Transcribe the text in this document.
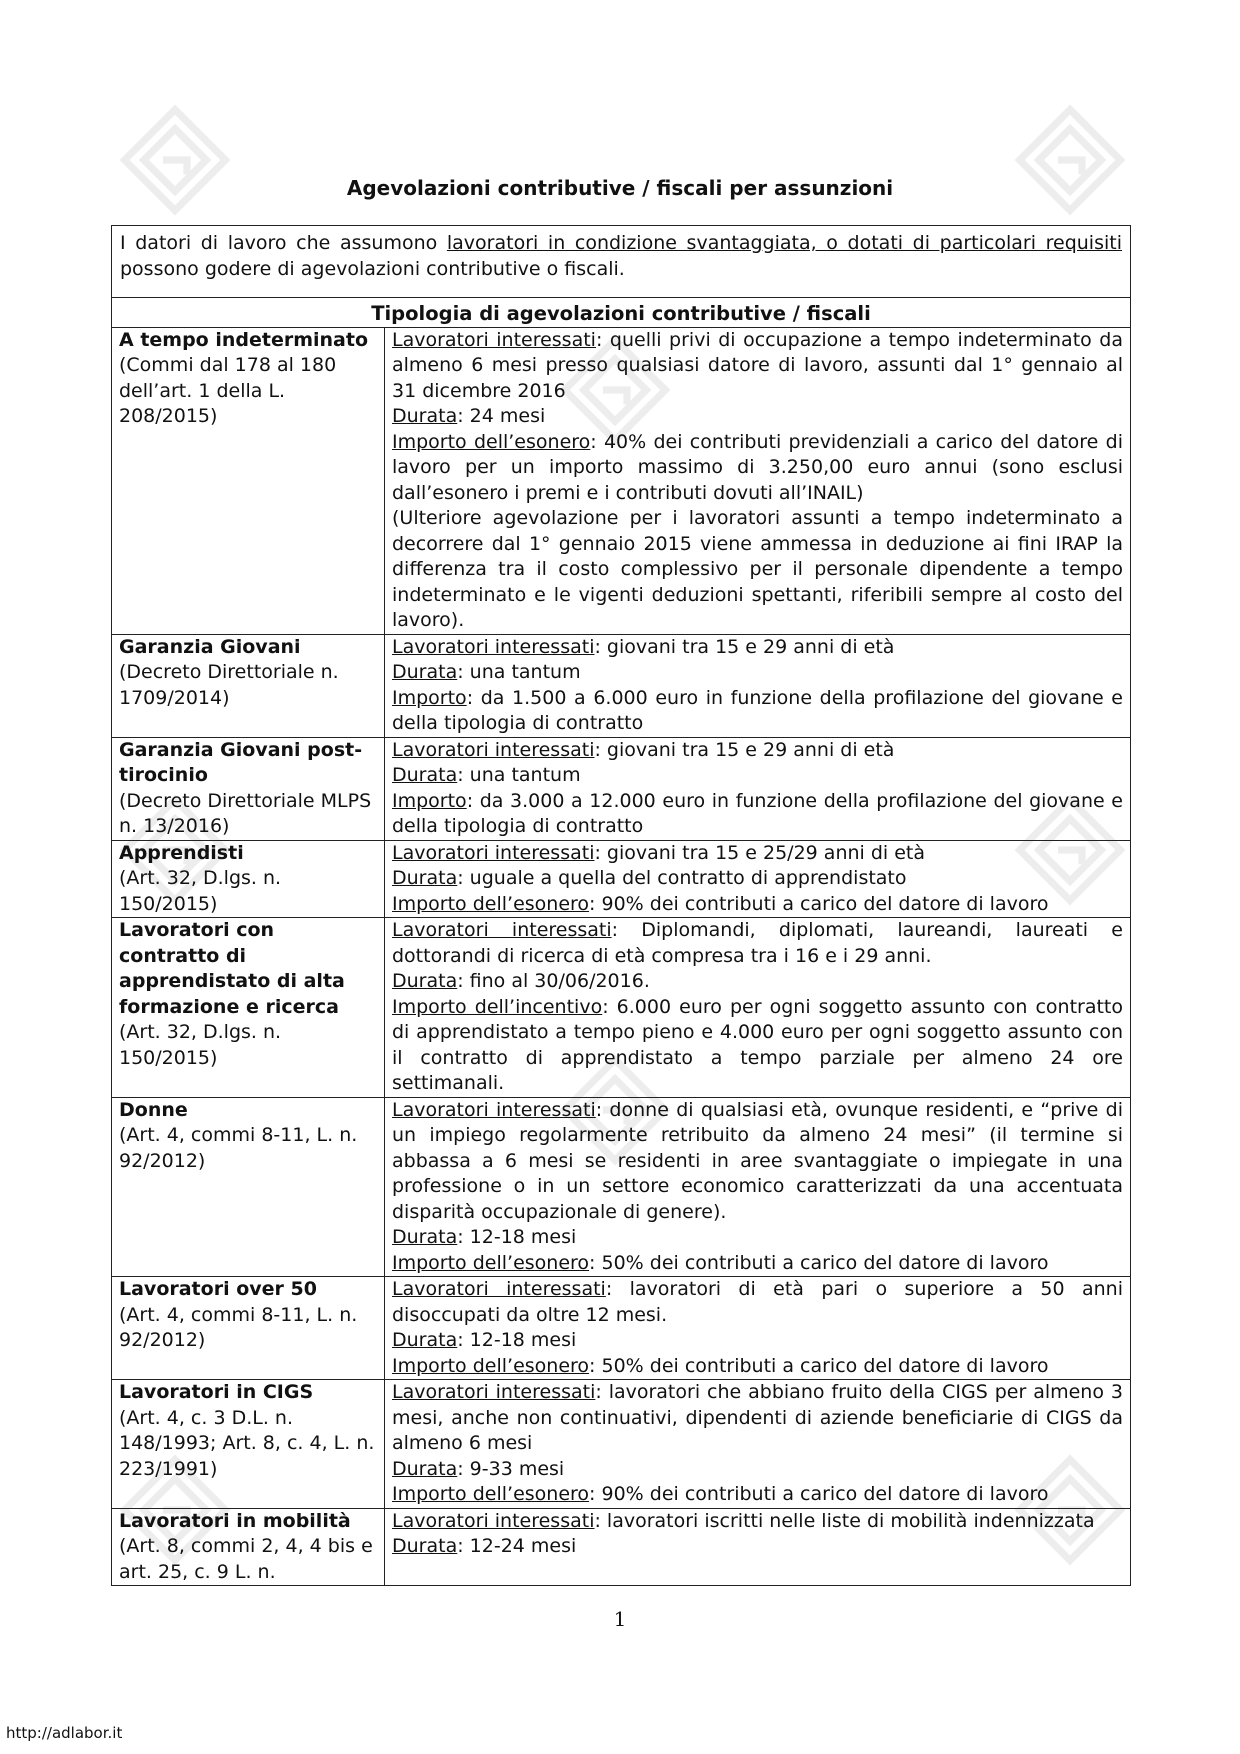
Agevolazioni contributive / fiscali per assunzioni
I datori di lavoro che assumono lavoratori in condizione svantaggiata, o dotati di particolari requisiti possono godere di agevolazioni contributive o fiscali.
Tipologia di agevolazioni contributive / fiscali	

A tempo indeterminato
(Commi dal 178 al 180 dell’art. 1 della L. 208/2015)	Lavoratori interessati: quelli privi di occupazione a tempo indeterminato da almeno 6 mesi presso qualsiasi datore di lavoro, assunti dal 1° gennaio al 31 dicembre 2016
Durata: 24 mesi
Importo dell’esonero: 40% dei contributi previdenziali a carico del datore di lavoro per un importo massimo di 3.250,00 euro annui (sono esclusi dall’esonero i premi e i contributi dovuti all’INAIL)
(Ulteriore agevolazione per i lavoratori assunti a tempo indeterminato a decorrere dal 1° gennaio 2015 viene ammessa in deduzione ai fini IRAP la differenza tra il costo complessivo per il personale dipendente a tempo indeterminato e le vigenti deduzioni spettanti, riferibili sempre al costo del lavoro).

Garanzia Giovani
(Decreto Direttoriale n. 1709/2014)	Lavoratori interessati: giovani tra 15 e 29 anni di età
Durata: una tantum
Importo: da 1.500 a 6.000 euro in funzione della profilazione del giovane e della tipologia di contratto

Garanzia Giovani post-tirocinio
(Decreto Direttoriale MLPS n. 13/2016)	Lavoratori interessati: giovani tra 15 e 29 anni di età
Durata: una tantum
Importo: da 3.000 a 12.000 euro in funzione della profilazione del giovane e della tipologia di contratto

Apprendisti
(Art. 32, D.lgs. n. 150/2015)	Lavoratori interessati: giovani tra 15 e 25/29 anni di età
Durata: uguale a quella del contratto di apprendistato
Importo dell’esonero: 90% dei contributi a carico del datore di lavoro

Lavoratori con contratto di apprendistato di alta formazione e ricerca
(Art. 32, D.lgs. n. 150/2015)	Lavoratori interessati: Diplomandi, diplomati, laureandi, laureati e dottorandi di ricerca di età compresa tra i 16 e i 29 anni.
Durata: fino al 30/06/2016.
Importo dell’incentivo: 6.000 euro per ogni soggetto assunto con contratto di apprendistato a tempo pieno e 4.000 euro per ogni soggetto assunto con il contratto di apprendistato a tempo parziale per almeno 24 ore settimanali.

Donne
(Art. 4, commi 8-11, L. n. 92/2012)	Lavoratori interessati: donne di qualsiasi età, ovunque residenti, e “prive di un impiego regolarmente retribuito da almeno 24 mesi” (il termine si abbassa a 6 mesi se residenti in aree svantaggiate o impiegate in una professione o in un settore economico caratterizzati da una accentuata disparità occupazionale di genere).
Durata: 12-18 mesi
Importo dell’esonero: 50% dei contributi a carico del datore di lavoro

Lavoratori over 50
(Art. 4, commi 8-11, L. n. 92/2012)	Lavoratori interessati: lavoratori di età pari o superiore a 50 anni disoccupati da oltre 12 mesi.
Durata: 12-18 mesi
Importo dell’esonero: 50% dei contributi a carico del datore di lavoro

Lavoratori in CIGS
(Art. 4, c. 3 D.L. n. 148/1993; Art. 8, c. 4, L. n. 223/1991)	Lavoratori interessati: lavoratori che abbiano fruito della CIGS per almeno 3 mesi, anche non continuativi, dipendenti di aziende beneficiarie di CIGS da almeno 6 mesi
Durata: 9-33 mesi
Importo dell’esonero: 90% dei contributi a carico del datore di lavoro

Lavoratori in mobilità
(Art. 8, commi 2, 4, 4 bis e art. 25, c. 9 L. n.	Lavoratori interessati: lavoratori iscritti nelle liste di mobilità indennizzata
Durata: 12-24 mesi
1
http://adlabor.it
